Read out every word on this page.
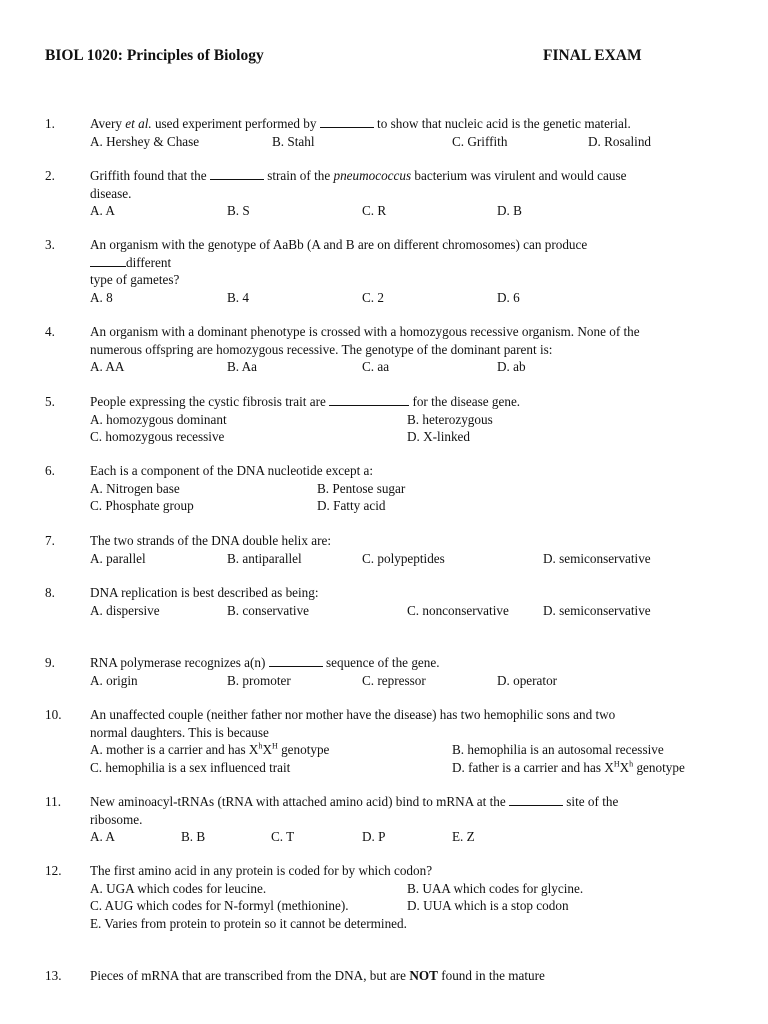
BIOL 1020: Principles of Biology	FINAL EXAM
1.	Avery et al. used experiment performed by	to show that nucleic acid is the genetic material.
A. Hershey & Chase	B. Stahl	C. Griffith	D. Rosalind
2.	Griffith found that the	strain of the pneumococcus bacterium was virulent and would cause
disease.
A. A	B. S	C. R	D. B
3.	An organism with the genotype of AaBb (A and B are on different chromosomes) can produce
different
type of gametes?
A. 8	B. 4	C. 2	D. 6
4.	An organism with a dominant phenotype is crossed with a homozygous recessive organism. None of the
numerous offspring are homozygous recessive. The genotype of the dominant parent is:
A. AA	B. Aa	C. aa	D. ab
5.	People expressing the cystic fibrosis trait are	for the disease gene.
A. homozygous dominant	B. heterozygous
C. homozygous recessive	D. X-linked
6.	Each is a component of the DNA nucleotide except a:
A. Nitrogen base	B. Pentose sugar
C. Phosphate group	D. Fatty acid
7.	The two strands of the DNA double helix are:
A. parallel	B. antiparallel	C. polypeptides	D. semiconservative
8.	DNA replication is best described as being:
A. dispersive	B. conservative	C. nonconservative	D. semiconservative
9.	RNA polymerase recognizes a(n)	sequence of the gene.
A. origin	B. promoter	C. repressor	D. operator
10. An unaffected couple (neither father nor mother have the disease) has two hemophilic sons and two
normal daughters. This is because
A. mother is a carrier and has $X^hX^H$ genotype	B. hemophilia is an autosomal recessive
C. hemophilia is a sex influenced trait	D. father is a carrier and has $X^HX^h$ genotype
11. New aminoacyl-tRNAs (tRNA with attached amino acid) bind to mRNA at the	site of the
ribosome.
A. A	B. B	C. T	D. P	E. Z
12. The first amino acid in any protein is coded for by which codon?
A. UGA which codes for leucine.	B. UAA which codes for glycine.
C. AUG which codes for N-formyl (methionine).	D. UUA which is a stop codon
E. Varies from protein to protein so it cannot be determined.
13. Pieces of mRNA that are transcribed from the DNA, but are NOT found in the mature
